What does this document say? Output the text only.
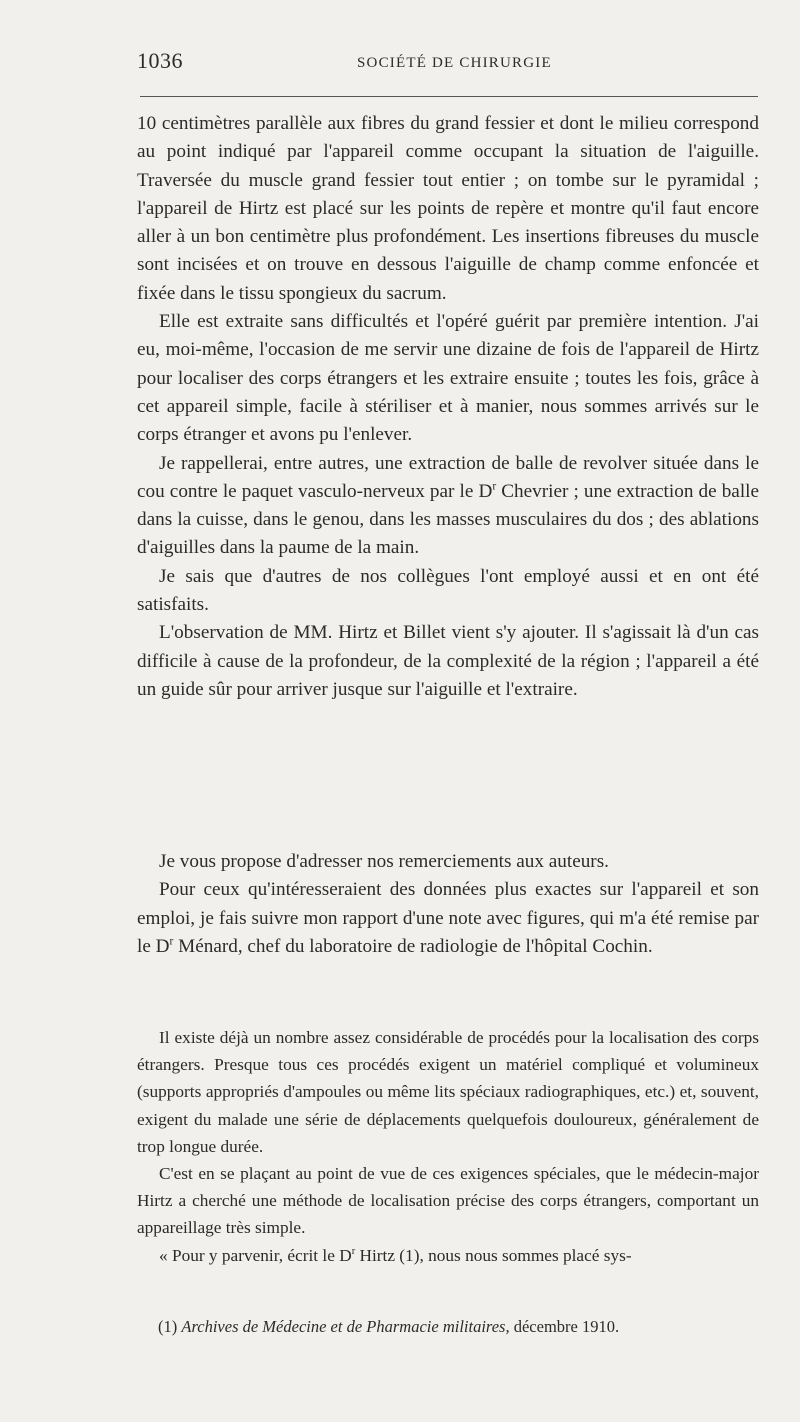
1036	SOCIÉTÉ DE CHIRURGIE

10 centimètres parallèle aux fibres du grand fessier et dont le milieu correspond au point indiqué par l'appareil comme occupant la situation de l'aiguille. Traversée du muscle grand fessier tout entier ; on tombe sur le pyramidal ; l'appareil de Hirtz est placé sur les points de repère et montre qu'il faut encore aller à un bon centimètre plus profondément. Les insertions fibreuses du muscle sont incisées et on trouve en dessous l'aiguille de champ comme enfoncée et fixée dans le tissu spongieux du sacrum.

Elle est extraite sans difficultés et l'opéré guérit par première intention. J'ai eu, moi-même, l'occasion de me servir une dizaine de fois de l'appareil de Hirtz pour localiser des corps étrangers et les extraire ensuite ; toutes les fois, grâce à cet appareil simple, facile à stériliser et à manier, nous sommes arrivés sur le corps étranger et avons pu l'enlever.

Je rappellerai, entre autres, une extraction de balle de revolver située dans le cou contre le paquet vasculo-nerveux par le $D^r$ Chevrier ; une extraction de balle dans la cuisse, dans le genou, dans les masses musculaires du dos ; des ablations d'aiguilles dans la paume de la main.

Je sais que d'autres de nos collègues l'ont employé aussi et en ont été satisfaits.

L'observation de MM. Hirtz et Billet vient s'y ajouter. Il s'agissait là d'un cas difficile à cause de la profondeur, de la complexité de la région ; l'appareil a été un guide sûr pour arriver jusque sur l'aiguille et l'extraire.

Je vous propose d'adresser nos remerciements aux auteurs.

Pour ceux qu'intéresseraient des données plus exactes sur l'appareil et son emploi, je fais suivre mon rapport d'une note avec figures, qui m'a été remise par le $D^r$ Ménard, chef du laboratoire de radiologie de l'hôpital Cochin.

Il existe déjà un nombre assez considérable de procédés pour la localisation des corps étrangers. Presque tous ces procédés exigent un matériel compliqué et volumineux (supports appropriés d'ampoules ou même lits spéciaux radiographiques, etc.) et, souvent, exigent du malade une série de déplacements quelquefois douloureux, généralement de trop longue durée.

C'est en se plaçant au point de vue de ces exigences spéciales, que le médecin-major Hirtz a cherché une méthode de localisation précise des corps étrangers, comportant un appareillage très simple.

« Pour y parvenir, écrit le $D^r$ Hirtz (1), nous nous sommes placé sys-

(1) Archives de Médecine et de Pharmacie militaires, décembre 1910.
